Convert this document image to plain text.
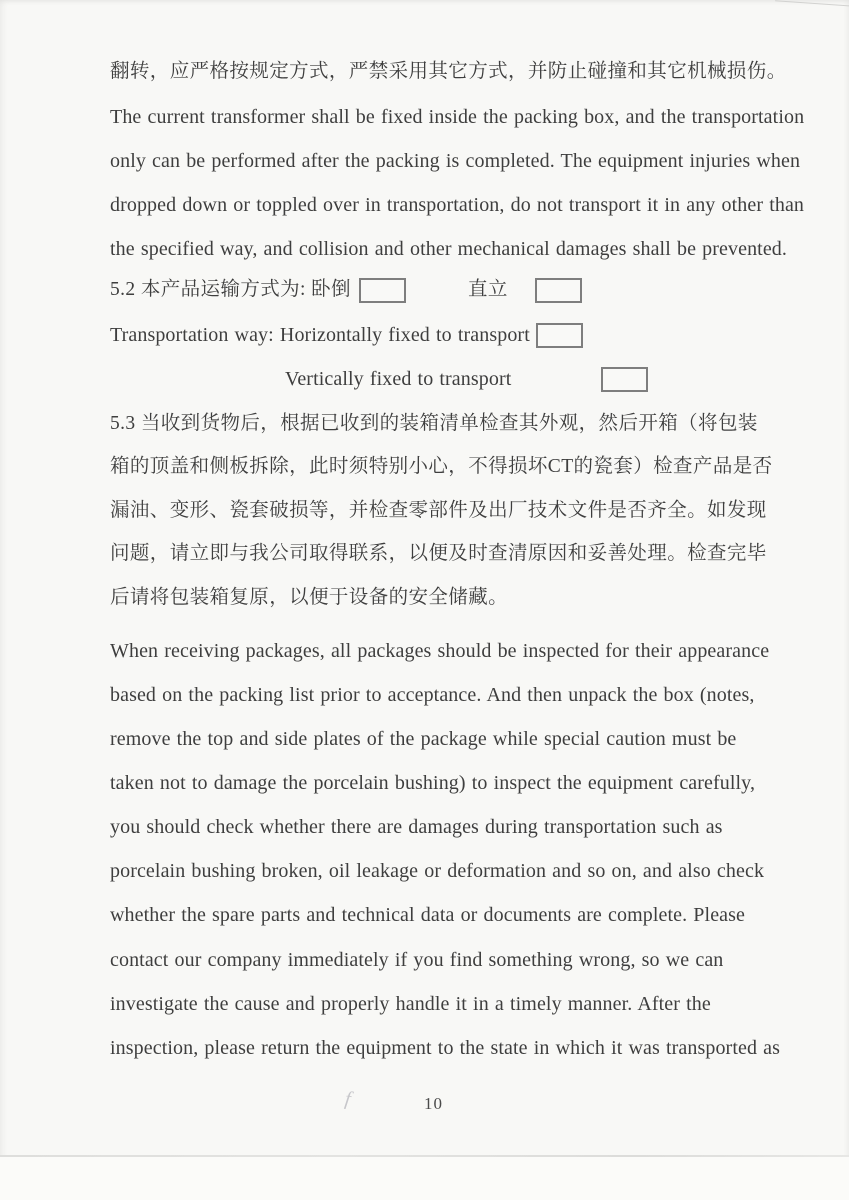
翻转，应严格按规定方式，严禁采用其它方式，并防止碰撞和其它机械损伤。
The current transformer shall be fixed inside the packing box, and the transportation
only can be performed after the packing is completed. The equipment injuries when
dropped down or toppled over in transportation, do not transport it in any other than
the specified way, and collision and other mechanical damages shall be prevented.
5.2 本产品运输方式为: 卧倒	直立
Transportation way: Horizontally fixed to transport
Vertically fixed to transport
5.3 当收到货物后，根据已收到的装箱清单检查其外观，然后开箱（将包装
箱的顶盖和侧板拆除，此时须特别小心，不得损坏CT的瓷套）检查产品是否
漏油、变形、瓷套破损等，并检查零部件及出厂技术文件是否齐全。如发现
问题，请立即与我公司取得联系，以便及时查清原因和妥善处理。检查完毕
后请将包装箱复原，以便于设备的安全储藏。
When receiving packages, all packages should be inspected for their appearance
based on the packing list prior to acceptance. And then unpack the box (notes,
remove the top and side plates of the package while special caution must be
taken not to damage the porcelain bushing) to inspect the equipment carefully,
you should check whether there are damages during transportation such as
porcelain bushing broken, oil leakage or deformation and so on, and also check
whether the spare parts and technical data or documents are complete. Please
contact our company immediately if you find something wrong, so we can
investigate the cause and properly handle it in a timely manner. After the
inspection, please return the equipment to the state in which it was transported as
f	10
